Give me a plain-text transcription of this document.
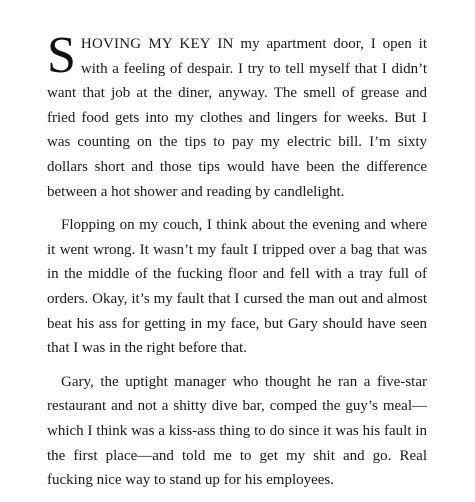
SHOVING MY KEY IN my apartment door, I open it with a feeling of despair. I try to tell myself that I didn’t want that job at the diner, anyway. The smell of grease and fried food gets into my clothes and lingers for weeks. But I was counting on the tips to pay my electric bill. I’m sixty dollars short and those tips would have been the difference between a hot shower and reading by candlelight.

Flopping on my couch, I think about the evening and where it went wrong. It wasn’t my fault I tripped over a bag that was in the middle of the fucking floor and fell with a tray full of orders. Okay, it’s my fault that I cursed the man out and almost beat his ass for getting in my face, but Gary should have seen that I was in the right before that.

Gary, the uptight manager who thought he ran a five-star restaurant and not a shitty dive bar, comped the guy’s meal—which I think was a kiss-ass thing to do since it was his fault in the first place—and told me to get my shit and go. Real fucking nice way to stand up for his employees.
